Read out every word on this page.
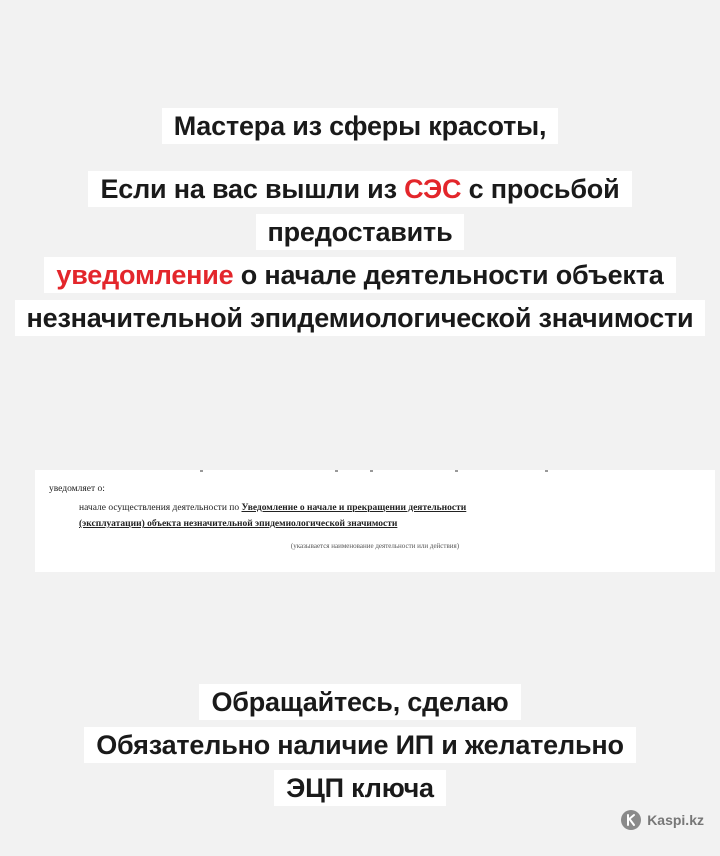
Мастера из сферы красоты,
Если на вас вышли из СЭС с просьбой предоставить
уведомление о начале деятельности объекта незначительной эпидемиологической значимости
уведомляет о:
начале осуществления деятельности по Уведомление о начале и прекращении деятельности
(эксплуатации) объекта незначительной эпидемиологической значимости
(указывается наименование деятельности или действия)
Обращайтесь, сделаю
Обязательно наличие ИП и желательно
ЭЦП ключа
Kaspi.kz
